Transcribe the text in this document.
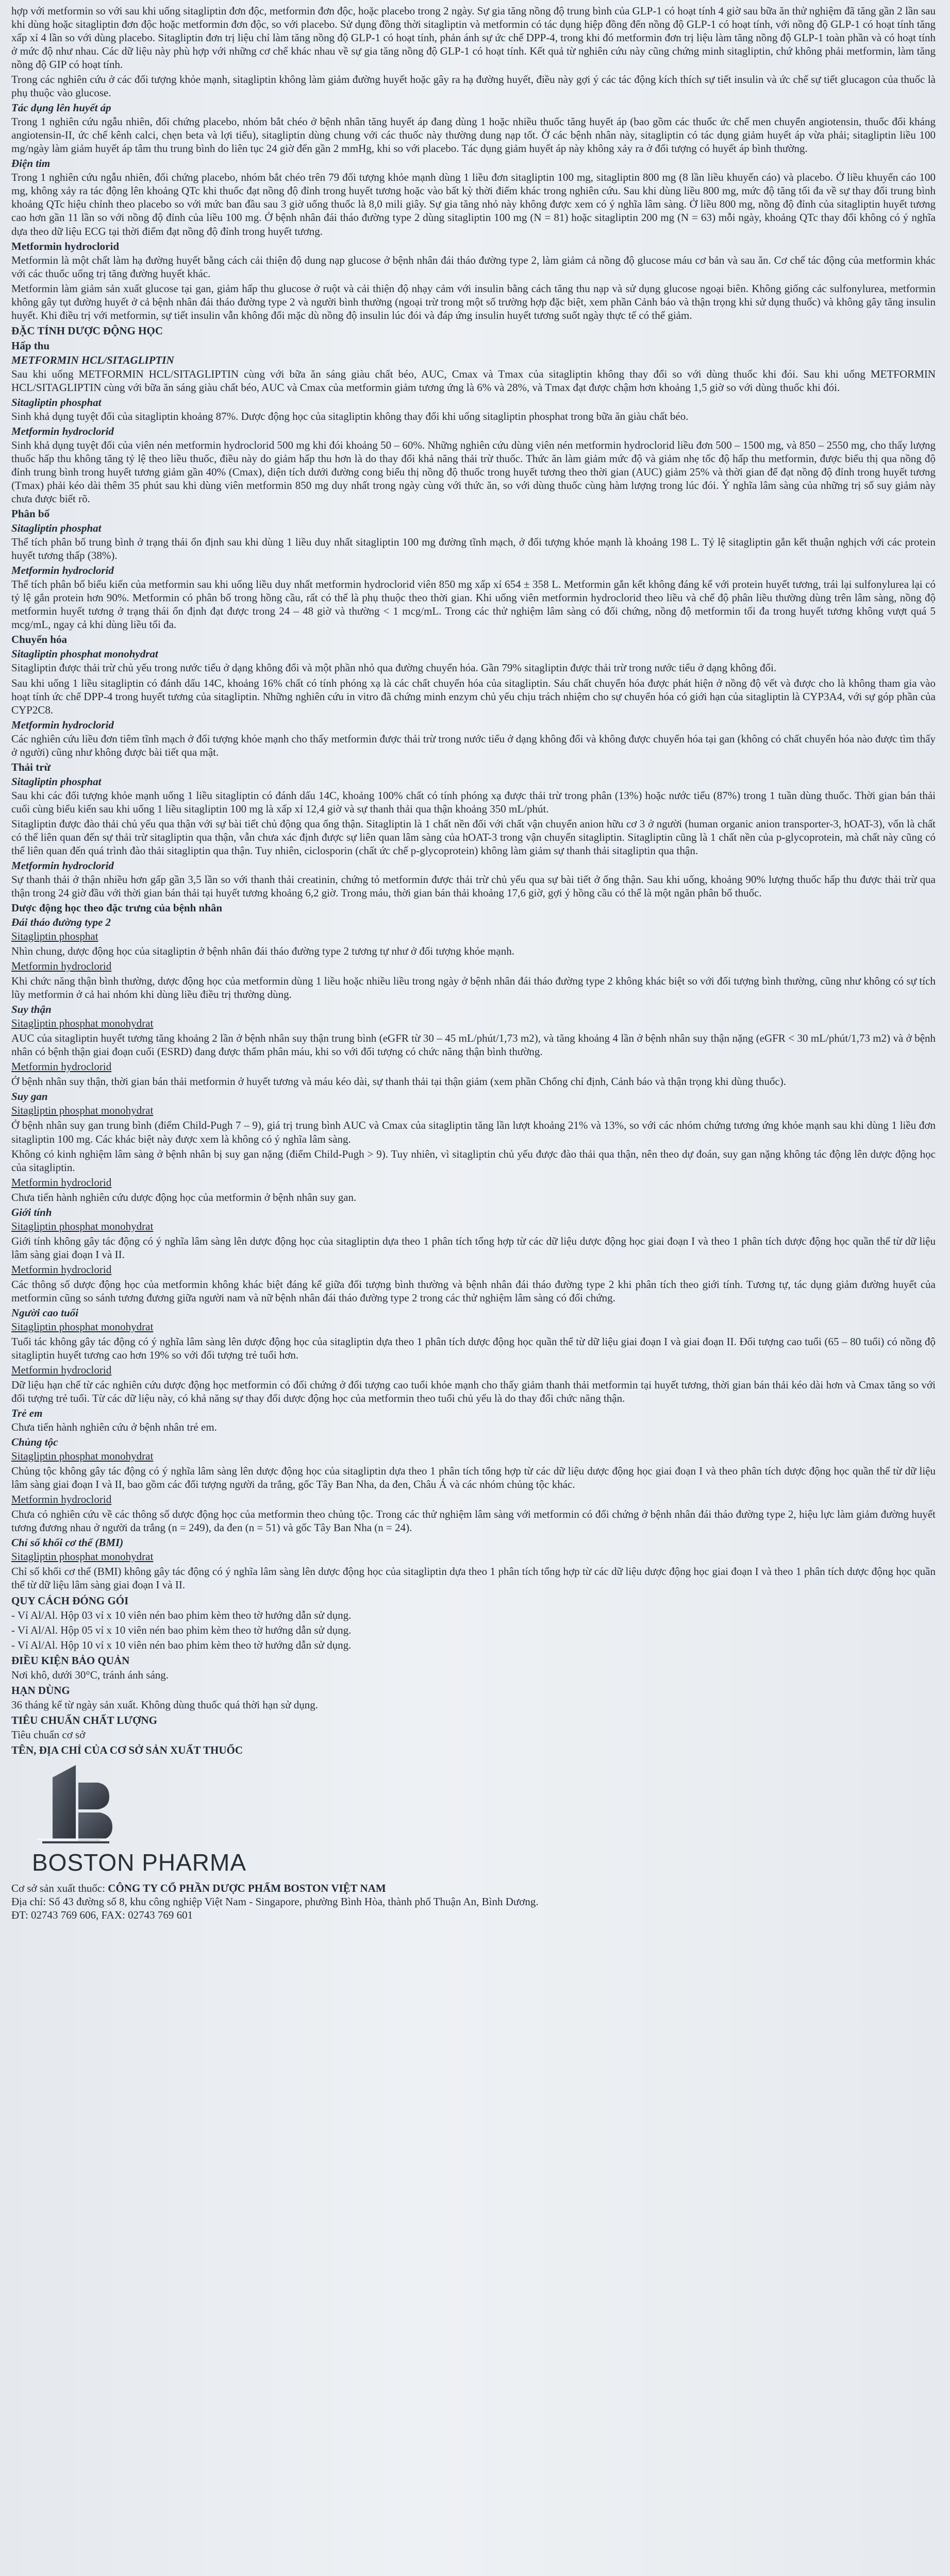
hợp với metformin so với sau khi uống sitagliptin đơn độc, metformin đơn độc, hoặc placebo trong 2 ngày. Sự gia tăng nồng độ trung bình của GLP-1 có hoạt tính 4 giờ sau bữa ăn thử nghiệm đã tăng gần 2 lần sau khi dùng hoặc sitagliptin đơn độc hoặc metformin đơn độc, so với placebo. Sử dụng đồng thời sitagliptin và metformin có tác dụng hiệp đồng đến nồng độ GLP-1 có hoạt tính, với nồng độ GLP-1 có hoạt tính tăng xấp xỉ 4 lần so với dùng placebo. Sitagliptin đơn trị liệu chỉ làm tăng nồng độ GLP-1 có hoạt tính, phản ánh sự ức chế DPP-4, trong khi đó metformin đơn trị liệu làm tăng nồng độ GLP-1 toàn phần và có hoạt tính ở mức độ như nhau. Các dữ liệu này phù hợp với những cơ chế khác nhau về sự gia tăng nồng độ GLP-1 có hoạt tính. Kết quả từ nghiên cứu này cũng chứng minh sitagliptin, chứ không phải metformin, làm tăng nồng độ GIP có hoạt tính.

Trong các nghiên cứu ở các đối tượng khỏe mạnh, sitagliptin không làm giảm đường huyết hoặc gây ra hạ đường huyết, điều này gợi ý các tác động kích thích sự tiết insulin và ức chế sự tiết glucagon của thuốc là phụ thuộc vào glucose.

Tác dụng lên huyết áp

Trong 1 nghiên cứu ngẫu nhiên, đối chứng placebo, nhóm bắt chéo ở bệnh nhân tăng huyết áp đang dùng 1 hoặc nhiều thuốc tăng huyết áp (bao gồm các thuốc ức chế men chuyển angiotensin, thuốc đối kháng angiotensin-II, ức chế kênh calci, chẹn beta và lợi tiểu), sitagliptin dùng chung với các thuốc này thường dung nạp tốt. Ở các bệnh nhân này, sitagliptin có tác dụng giảm huyết áp vừa phải; sitagliptin liều 100 mg/ngày làm giảm huyết áp tâm thu trung bình do liên tục 24 giờ đến gần 2 mmHg, khi so với placebo. Tác dụng giảm huyết áp này không xảy ra ở đối tượng có huyết áp bình thường.

Điện tim

Trong 1 nghiên cứu ngẫu nhiên, đối chứng placebo, nhóm bắt chéo trên 79 đối tượng khỏe mạnh dùng 1 liều đơn sitagliptin 100 mg, sitagliptin 800 mg (8 lần liều khuyến cáo) và placebo. Ở liều khuyến cáo 100 mg, không xảy ra tác động lên khoảng QTc khi thuốc đạt nồng độ đỉnh trong huyết tương hoặc vào bất kỳ thời điểm khác trong nghiên cứu. Sau khi dùng liều 800 mg, mức độ tăng tối đa về sự thay đổi trung bình khoảng QTc hiệu chỉnh theo placebo so với mức ban đầu sau 3 giờ uống thuốc là 8,0 mili giây. Sự gia tăng nhỏ này không được xem có ý nghĩa lâm sàng. Ở liều 800 mg, nồng độ đỉnh của sitagliptin huyết tương cao hơn gần 11 lần so với nồng độ đỉnh của liều 100 mg. Ở bệnh nhân đái tháo đường type 2 dùng sitagliptin 100 mg (N = 81) hoặc sitagliptin 200 mg (N = 63) mỗi ngày, khoảng QTc thay đổi không có ý nghĩa dựa theo dữ liệu ECG tại thời điểm đạt nồng độ đỉnh trong huyết tương.

Metformin hydroclorid

Metformin là một chất làm hạ đường huyết bằng cách cải thiện độ dung nạp glucose ở bệnh nhân đái tháo đường type 2, làm giảm cả nồng độ glucose máu cơ bản và sau ăn. Cơ chế tác động của metformin khác với các thuốc uống trị tăng đường huyết khác.

Metformin làm giảm sản xuất glucose tại gan, giảm hấp thu glucose ở ruột và cải thiện độ nhạy cảm với insulin bằng cách tăng thu nạp và sử dụng glucose ngoại biên. Không giống các sulfonylurea, metformin không gây tụt đường huyết ở cả bệnh nhân đái tháo đường type 2 và người bình thường (ngoại trừ trong một số trường hợp đặc biệt, xem phần Cảnh báo và thận trọng khi sử dụng thuốc) và không gây tăng insulin huyết. Khi điều trị với metformin, sự tiết insulin vẫn không đổi mặc dù nồng độ insulin lúc đói và đáp ứng insulin huyết tương suốt ngày thực tế có thể giảm.

ĐẶC TÍNH DƯỢC ĐỘNG HỌC

Hấp thu

METFORMIN HCL/SITAGLIPTIN

Sau khi uống METFORMIN HCL/SITAGLIPTIN cùng với bữa ăn sáng giàu chất béo, AUC, Cmax và Tmax của sitagliptin không thay đổi so với dùng thuốc khi đói. Sau khi uống METFORMIN HCL/SITAGLIPTIN cùng với bữa ăn sáng giàu chất béo, AUC và Cmax của metformin giảm tương ứng là 6% và 28%, và Tmax đạt được chậm hơn khoảng 1,5 giờ so với dùng thuốc khi đói.

Sitagliptin phosphat

Sinh khả dụng tuyệt đối của sitagliptin khoảng 87%. Dược động học của sitagliptin không thay đổi khi uống sitagliptin phosphat trong bữa ăn giàu chất béo.

Metformin hydroclorid

Sinh khả dụng tuyệt đối của viên nén metformin hydroclorid 500 mg khi đói khoảng 50 – 60%. Những nghiên cứu dùng viên nén metformin hydroclorid liều đơn 500 – 1500 mg, và 850 – 2550 mg, cho thấy lượng thuốc hấp thu không tăng tỷ lệ theo liều thuốc, điều này do giảm hấp thu hơn là do thay đổi khả năng thải trừ thuốc. Thức ăn làm giảm mức độ và giảm nhẹ tốc độ hấp thu metformin, được biểu thị qua nồng độ đỉnh trung bình trong huyết tương giảm gần 40% (Cmax), diện tích dưới đường cong biểu thị nồng độ thuốc trong huyết tương theo thời gian (AUC) giảm 25% và thời gian để đạt nồng độ đỉnh trong huyết tương (Tmax) phải kéo dài thêm 35 phút sau khi dùng viên metformin 850 mg duy nhất trong ngày cùng với thức ăn, so với dùng thuốc cùng hàm lượng trong lúc đói. Ý nghĩa lâm sàng của những trị số suy giảm này chưa được biết rõ.

Phân bố

Sitagliptin phosphat

Thể tích phân bố trung bình ở trạng thái ổn định sau khi dùng 1 liều duy nhất sitagliptin 100 mg đường tĩnh mạch, ở đối tượng khỏe mạnh là khoảng 198 L. Tỷ lệ sitagliptin gắn kết thuận nghịch với các protein huyết tương thấp (38%).

Metformin hydroclorid

Thể tích phân bố biểu kiến của metformin sau khi uống liều duy nhất metformin hydroclorid viên 850 mg xấp xỉ 654 ± 358 L. Metformin gắn kết không đáng kể với protein huyết tương, trái lại sulfonylurea lại có tỷ lệ gắn protein hơn 90%. Metformin có phân bố trong hồng cầu, rất có thể là phụ thuộc theo thời gian. Khi uống viên metformin hydroclorid theo liều và chế độ phân liều thường dùng trên lâm sàng, nồng độ metformin huyết tương ở trạng thái ổn định đạt được trong 24 – 48 giờ và thường < 1 mcg/mL. Trong các thử nghiệm lâm sàng có đối chứng, nồng độ metformin tối đa trong huyết tương không vượt quá 5 mcg/mL, ngay cả khi dùng liều tối đa.

Chuyển hóa

Sitagliptin phosphat monohydrat

Sitagliptin được thải trừ chủ yếu trong nước tiểu ở dạng không đổi và một phần nhỏ qua đường chuyển hóa. Gần 79% sitagliptin được thải trừ trong nước tiểu ở dạng không đổi.

Sau khi uống 1 liều sitagliptin có đánh dấu 14C, khoảng 16% chất có tính phóng xạ là các chất chuyển hóa của sitagliptin. Sáu chất chuyển hóa được phát hiện ở nồng độ vết và được cho là không tham gia vào hoạt tính ức chế DPP-4 trong huyết tương của sitagliptin. Những nghiên cứu in vitro đã chứng minh enzym chủ yếu chịu trách nhiệm cho sự chuyển hóa có giới hạn của sitagliptin là CYP3A4, với sự góp phần của CYP2C8.

Metformin hydroclorid

Các nghiên cứu liều đơn tiêm tĩnh mạch ở đối tượng khỏe mạnh cho thấy metformin được thải trừ trong nước tiểu ở dạng không đổi và không được chuyển hóa tại gan (không có chất chuyển hóa nào được tìm thấy ở người) cũng như không được bài tiết qua mật.

Thải trừ

Sitagliptin phosphat

Sau khi các đối tượng khỏe mạnh uống 1 liều sitagliptin có đánh dấu 14C, khoảng 100% chất có tính phóng xạ được thải trừ trong phân (13%) hoặc nước tiểu (87%) trong 1 tuần dùng thuốc. Thời gian bán thải cuối cùng biểu kiến sau khi uống 1 liều sitagliptin 100 mg là xấp xỉ 12,4 giờ và sự thanh thải qua thận khoảng 350 mL/phút.

Sitagliptin được đào thải chủ yếu qua thận với sự bài tiết chủ động qua ống thận. Sitagliptin là 1 chất nền đối với chất vận chuyển anion hữu cơ 3 ở người (human organic anion transporter-3, hOAT-3), vốn là chất có thể liên quan đến sự thải trừ sitagliptin qua thận, vẫn chưa xác định được sự liên quan lâm sàng của hOAT-3 trong vận chuyển sitagliptin. Sitagliptin cũng là 1 chất nền của p-glycoprotein, mà chất này cũng có thể liên quan đến quá trình đào thải sitagliptin qua thận. Tuy nhiên, ciclosporin (chất ức chế p-glycoprotein) không làm giảm sự thanh thải sitagliptin qua thận.

Metformin hydroclorid

Sự thanh thải ở thận nhiều hơn gấp gần 3,5 lần so với thanh thải creatinin, chứng tỏ metformin được thải trừ chủ yếu qua sự bài tiết ở ống thận. Sau khi uống, khoảng 90% lượng thuốc hấp thu được thải trừ qua thận trong 24 giờ đầu với thời gian bán thải tại huyết tương khoảng 6,2 giờ. Trong máu, thời gian bán thải khoảng 17,6 giờ, gợi ý hồng cầu có thể là một ngăn phân bố thuốc.

Dược động học theo đặc trưng của bệnh nhân

Đái tháo đường type 2

Sitagliptin phosphat

Nhìn chung, dược động học của sitagliptin ở bệnh nhân đái tháo đường type 2 tương tự như ở đối tượng khỏe mạnh.

Metformin hydroclorid

Khi chức năng thận bình thường, dược động học của metformin dùng 1 liều hoặc nhiều liều trong ngày ở bệnh nhân đái tháo đường type 2 không khác biệt so với đối tượng bình thường, cũng như không có sự tích lũy metformin ở cả hai nhóm khi dùng liều điều trị thường dùng.

Suy thận

Sitagliptin phosphat monohydrat

AUC của sitagliptin huyết tương tăng khoảng 2 lần ở bệnh nhân suy thận trung bình (eGFR từ 30 – 45 mL/phút/1,73 m2), và tăng khoảng 4 lần ở bệnh nhân suy thận nặng (eGFR < 30 mL/phút/1,73 m2) và ở bệnh nhân có bệnh thận giai đoạn cuối (ESRD) đang được thẩm phân máu, khi so với đối tượng có chức năng thận bình thường.

Metformin hydroclorid

Ở bệnh nhân suy thận, thời gian bán thải metformin ở huyết tương và máu kéo dài, sự thanh thải tại thận giảm (xem phần Chống chỉ định, Cảnh báo và thận trọng khi dùng thuốc).

Suy gan

Sitagliptin phosphat monohydrat

Ở bệnh nhân suy gan trung bình (điểm Child-Pugh 7 – 9), giá trị trung bình AUC và Cmax của sitagliptin tăng lần lượt khoảng 21% và 13%, so với các nhóm chứng tương ứng khỏe mạnh sau khi dùng 1 liều đơn sitagliptin 100 mg. Các khác biệt này được xem là không có ý nghĩa lâm sàng.

Không có kinh nghiệm lâm sàng ở bệnh nhân bị suy gan nặng (điểm Child-Pugh > 9). Tuy nhiên, vì sitagliptin chủ yếu được đào thải qua thận, nên theo dự đoán, suy gan nặng không tác động lên dược động học của sitagliptin.

Metformin hydroclorid

Chưa tiến hành nghiên cứu dược động học của metformin ở bệnh nhân suy gan.

Giới tính

Sitagliptin phosphat monohydrat

Giới tính không gây tác động có ý nghĩa lâm sàng lên dược động học của sitagliptin dựa theo 1 phân tích tổng hợp từ các dữ liệu dược động học giai đoạn I và theo 1 phân tích dược động học quần thể từ dữ liệu lâm sàng giai đoạn I và II.

Metformin hydroclorid

Các thông số dược động học của metformin không khác biệt đáng kể giữa đối tượng bình thường và bệnh nhân đái tháo đường type 2 khi phân tích theo giới tính. Tương tự, tác dụng giảm đường huyết của metformin cũng so sánh tương đương giữa người nam và nữ bệnh nhân đái tháo đường type 2 trong các thử nghiệm lâm sàng có đối chứng.

Người cao tuổi

Sitagliptin phosphat monohydrat

Tuổi tác không gây tác động có ý nghĩa lâm sàng lên dược động học của sitagliptin dựa theo 1 phân tích dược động học quần thể từ dữ liệu giai đoạn I và giai đoạn II. Đối tượng cao tuổi (65 – 80 tuổi) có nồng độ sitagliptin huyết tương cao hơn 19% so với đối tượng trẻ tuổi hơn.

Metformin hydroclorid

Dữ liệu hạn chế từ các nghiên cứu dược động học metformin có đối chứng ở đối tượng cao tuổi khỏe mạnh cho thấy giảm thanh thải metformin tại huyết tương, thời gian bán thải kéo dài hơn và Cmax tăng so với đối tượng trẻ tuổi. Từ các dữ liệu này, có khả năng sự thay đổi dược động học của metformin theo tuổi chủ yếu là do thay đổi chức năng thận.

Trẻ em

Chưa tiến hành nghiên cứu ở bệnh nhân trẻ em.

Chủng tộc

Sitagliptin phosphat monohydrat

Chủng tộc không gây tác động có ý nghĩa lâm sàng lên dược động học của sitagliptin dựa theo 1 phân tích tổng hợp từ các dữ liệu dược động học giai đoạn I và theo phân tích dược động học quần thể từ dữ liệu lâm sàng giai đoạn I và II, bao gồm các đối tượng người da trắng, gốc Tây Ban Nha, da đen, Châu Á và các nhóm chủng tộc khác.

Metformin hydroclorid

Chưa có nghiên cứu về các thông số dược động học của metformin theo chủng tộc. Trong các thử nghiệm lâm sàng với metformin có đối chứng ở bệnh nhân đái tháo đường type 2, hiệu lực làm giảm đường huyết tương đương nhau ở người da trắng (n = 249), da đen (n = 51) và gốc Tây Ban Nha (n = 24).

Chỉ số khối cơ thể (BMI)

Sitagliptin phosphat monohydrat

Chỉ số khối cơ thể (BMI) không gây tác động có ý nghĩa lâm sàng lên dược động học của sitagliptin dựa theo 1 phân tích tổng hợp từ các dữ liệu dược động học giai đoạn I và theo 1 phân tích dược động học quần thể từ dữ liệu lâm sàng giai đoạn I và II.

QUY CÁCH ĐÓNG GÓI

- Vỉ Al/Al. Hộp 03 vỉ x 10 viên nén bao phim kèm theo tờ hướng dẫn sử dụng.

- Vỉ Al/Al. Hộp 05 vỉ x 10 viên nén bao phim kèm theo tờ hướng dẫn sử dụng.

- Vỉ Al/Al. Hộp 10 vỉ x 10 viên nén bao phim kèm theo tờ hướng dẫn sử dụng.

ĐIỀU KIỆN BẢO QUẢN

Nơi khô, dưới 30°C, tránh ánh sáng.

HẠN DÙNG

36 tháng kể từ ngày sản xuất. Không dùng thuốc quá thời hạn sử dụng.

TIÊU CHUẨN CHẤT LƯỢNG

Tiêu chuẩn cơ sở

TÊN, ĐỊA CHỈ CỦA CƠ SỞ SẢN XUẤT THUỐC

BOSTON PHARMA
Cơ sở sản xuất thuốc: CÔNG TY CỔ PHẦN DƯỢC PHẨM BOSTON VIỆT NAM
Địa chỉ: Số 43 đường số 8, khu công nghiệp Việt Nam - Singapore, phường Bình Hòa, thành phố Thuận An, Bình Dương.
ĐT: 02743 769 606, FAX: 02743 769 601
